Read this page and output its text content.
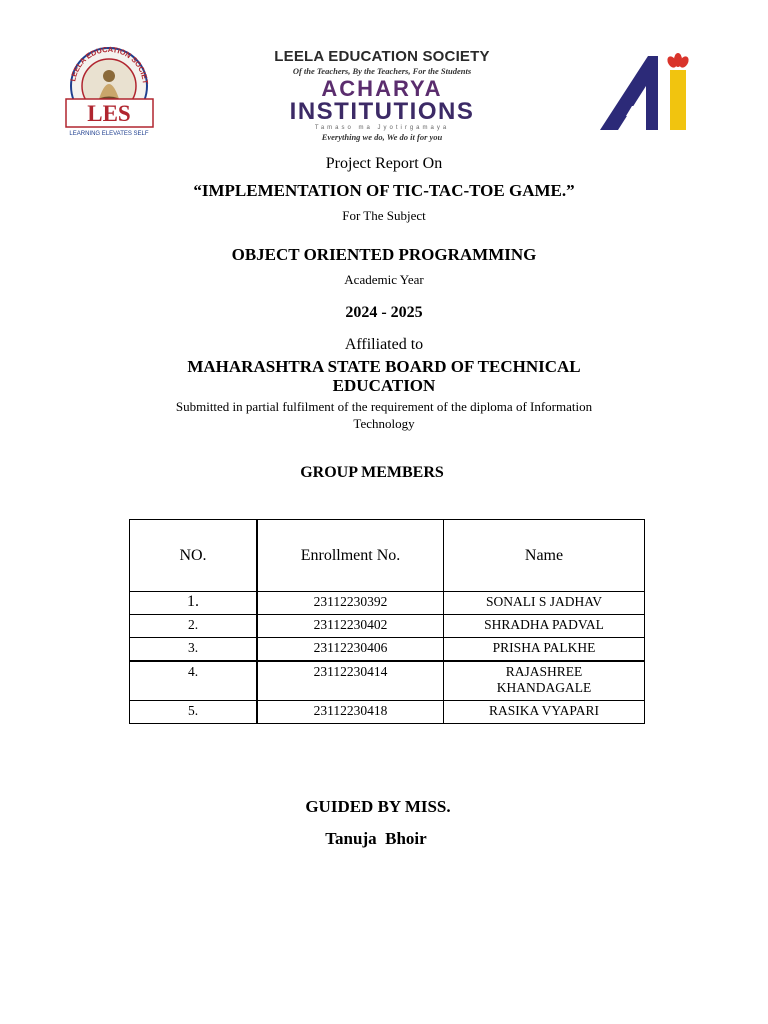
LEELA EDUCATION SOCIET
LES
LEARNING ELEVATES SELF
LEELA EDUCATION SOCIETY
Of the Teachers, By the Teachers, For the Students
ACHARYA
INSTITUTIONS
Tamaso ma Jyotirgamaya
Everything we do, We do it for you
Project Report On
“IMPLEMENTATION OF TIC-TAC-TOE GAME.”
For The Subject
OBJECT ORIENTED PROGRAMMING
Academic Year
2024 - 2025
Affiliated to
MAHARASHTRA STATE BOARD OF TECHNICAL
EDUCATION
Submitted in partial fulfilment of the requirement of the diploma of Information
Technology
GROUP MEMBERS
NO.	Enrollment No.	Name
1.	23112230392	SONALI S JADHAV
2.	23112230402	SHRADHA PADVAL
3.	23112230406	PRISHA PALKHE
4.	23112230414	RAJASHREE
KHANDAGALE

5.	23112230418	RASIKA VYAPARI
GUIDED BY MISS.
Tanuja  Bhoir
